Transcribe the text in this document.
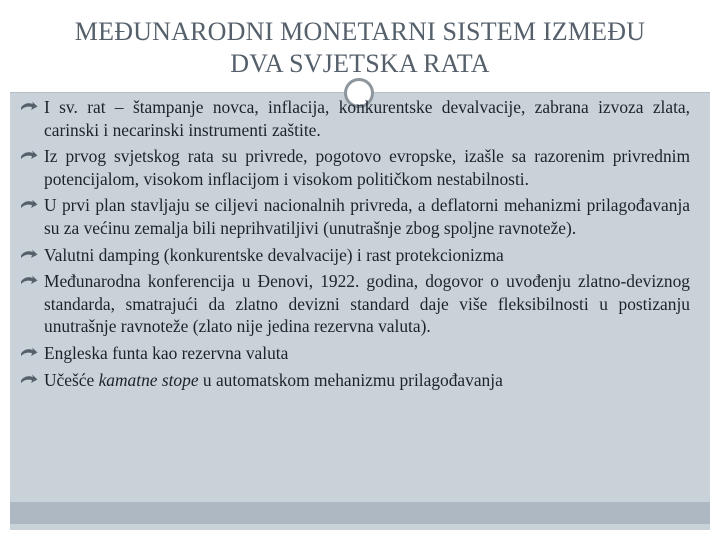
MEĐUNARODNI MONETARNI SISTEM IZMEĐU
DVA SVJETSKA RATA
I sv. rat – štampanje novca, inflacija, konkurentske devalvacije, zabrana izvoza zlata, carinski i necarinski instrumenti zaštite.
Iz prvog svjetskog rata su privrede, pogotovo evropske, izašle sa razorenim privrednim potencijalom, visokom inflacijom i visokom političkom nestabilnosti.
U prvi plan stavljaju se ciljevi nacionalnih privreda, a deflatorni mehanizmi prilagođavanja su za većinu zemalja bili neprihvatiljivi (unutrašnje zbog spoljne ravnoteže).
Valutni damping (konkurentske devalvacije) i rast protekcionizma
Međunarodna konferencija u Đenovi, 1922. godina, dogovor o uvođenju zlatno-deviznog standarda, smatrajući da zlatno devizni standard daje više fleksibilnosti u postizanju unutrašnje ravnoteže (zlato nije jedina rezervna valuta).
Engleska funta kao rezervna valuta
Učešće kamatne stope u automatskom mehanizmu prilagođavanja
